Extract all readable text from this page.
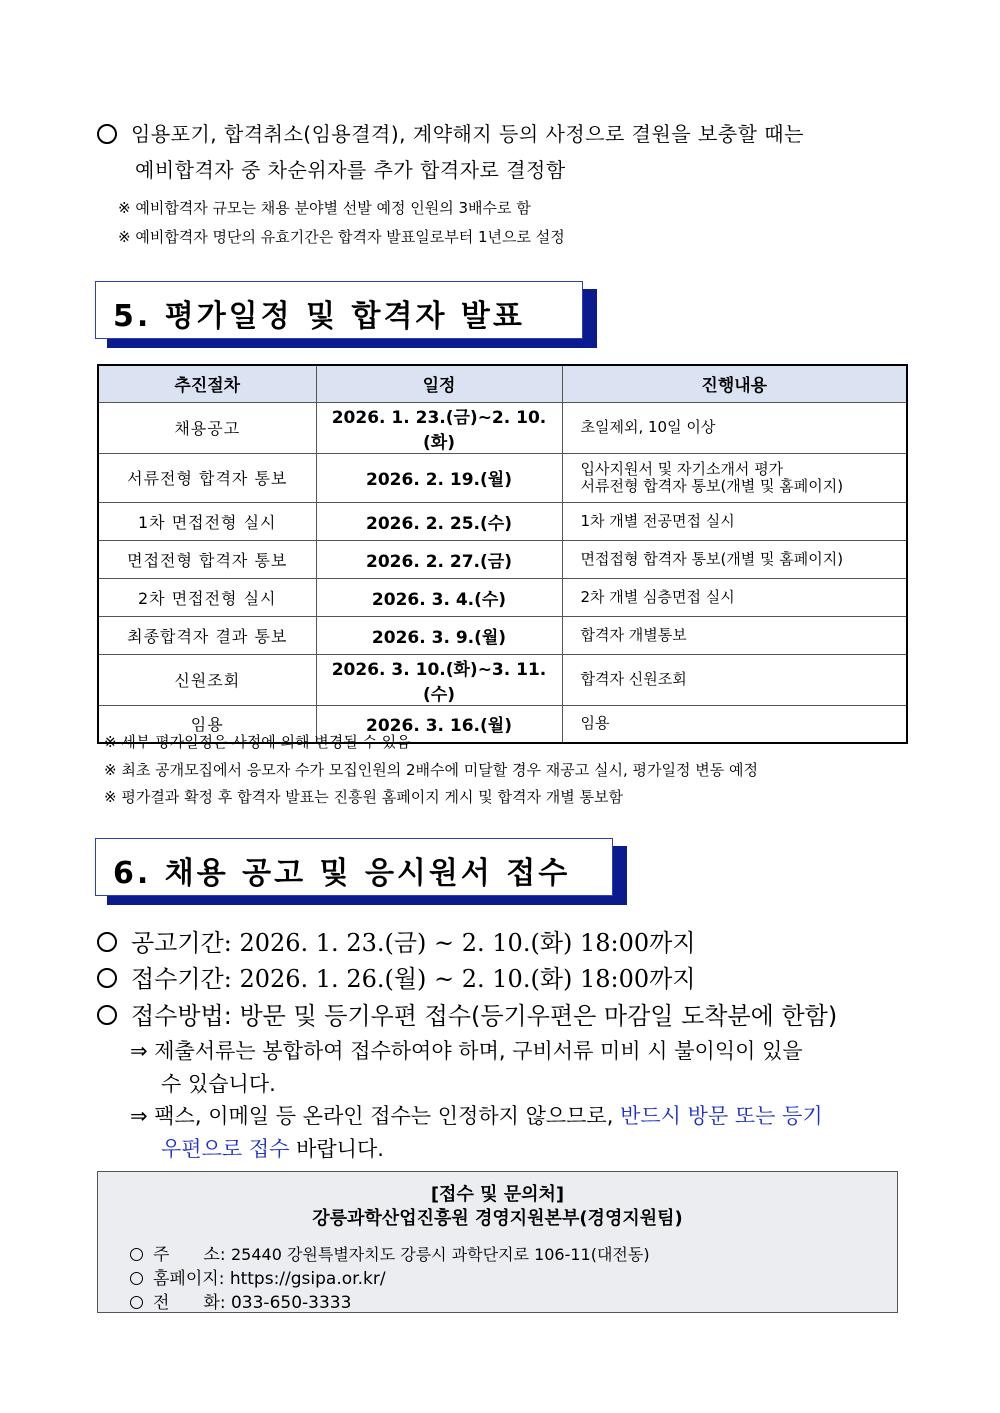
임용포기, 합격취소(임용결격), 계약해지 등의 사정으로 결원을 보충할 때는
예비합격자 중 차순위자를 추가 합격자로 결정함
※ 예비합격자 규모는 채용 분야별 선발 예정 인원의 3배수로 함
※ 예비합격자 명단의 유효기간은 합격자 발표일로부터 1년으로 설정
5. 평가일정 및 합격자 발표
추진절차	일정	진행내용
채용공고	2026. 1. 23.(금)~2. 10.(화)	초일제외, 10일 이상
서류전형 합격자 통보	2026. 2. 19.(월)	입사지원서 및 자기소개서 평가
서류전형 합격자 통보(개별 및 홈페이지)

1차 면접전형 실시	2026. 2. 25.(수)	1차 개별 전공면접 실시
면접전형 합격자 통보	2026. 2. 27.(금)	면접접형 합격자 통보(개별 및 홈페이지)
2차 면접전형 실시	2026. 3. 4.(수)	2차 개별 심층면접 실시
최종합격자 결과 통보	2026. 3. 9.(월)	합격자 개별통보
신원조회	2026. 3. 10.(화)~3. 11.(수)	합격자 신원조회
임용	2026. 3. 16.(월)	임용
※ 세부 평가일정은 사정에 의해 변경될 수 있음
※ 최초 공개모집에서 응모자 수가 모집인원의 2배수에 미달할 경우 재공고 실시, 평가일정 변동 예정
※ 평가결과 확정 후 합격자 발표는 진흥원 홈페이지 게시 및 합격자 개별 통보함
6. 채용 공고 및 응시원서 접수
공고기간: 2026. 1. 23.(금) ~ 2. 10.(화) 18:00까지
접수기간: 2026. 1. 26.(월) ~ 2. 10.(화) 18:00까지
접수방법: 방문 및 등기우편 접수(등기우편은 마감일 도착분에 한함)
⇒ 제출서류는 봉합하여 접수하여야 하며, 구비서류 미비 시 불이익이 있을
수 있습니다.
⇒ 팩스, 이메일 등 온라인 접수는 인정하지 않으므로, 반드시 방문 또는 등기
우편으로 접수 바랍니다.
[접수 및 문의처]
강릉과학산업진흥원 경영지원본부(경영지원팀)
주　　소: 25440 강원특별자치도 강릉시 과학단지로 106-11(대전동)
홈페이지: https://gsipa.or.kr/
전　　화: 033-650-3333
